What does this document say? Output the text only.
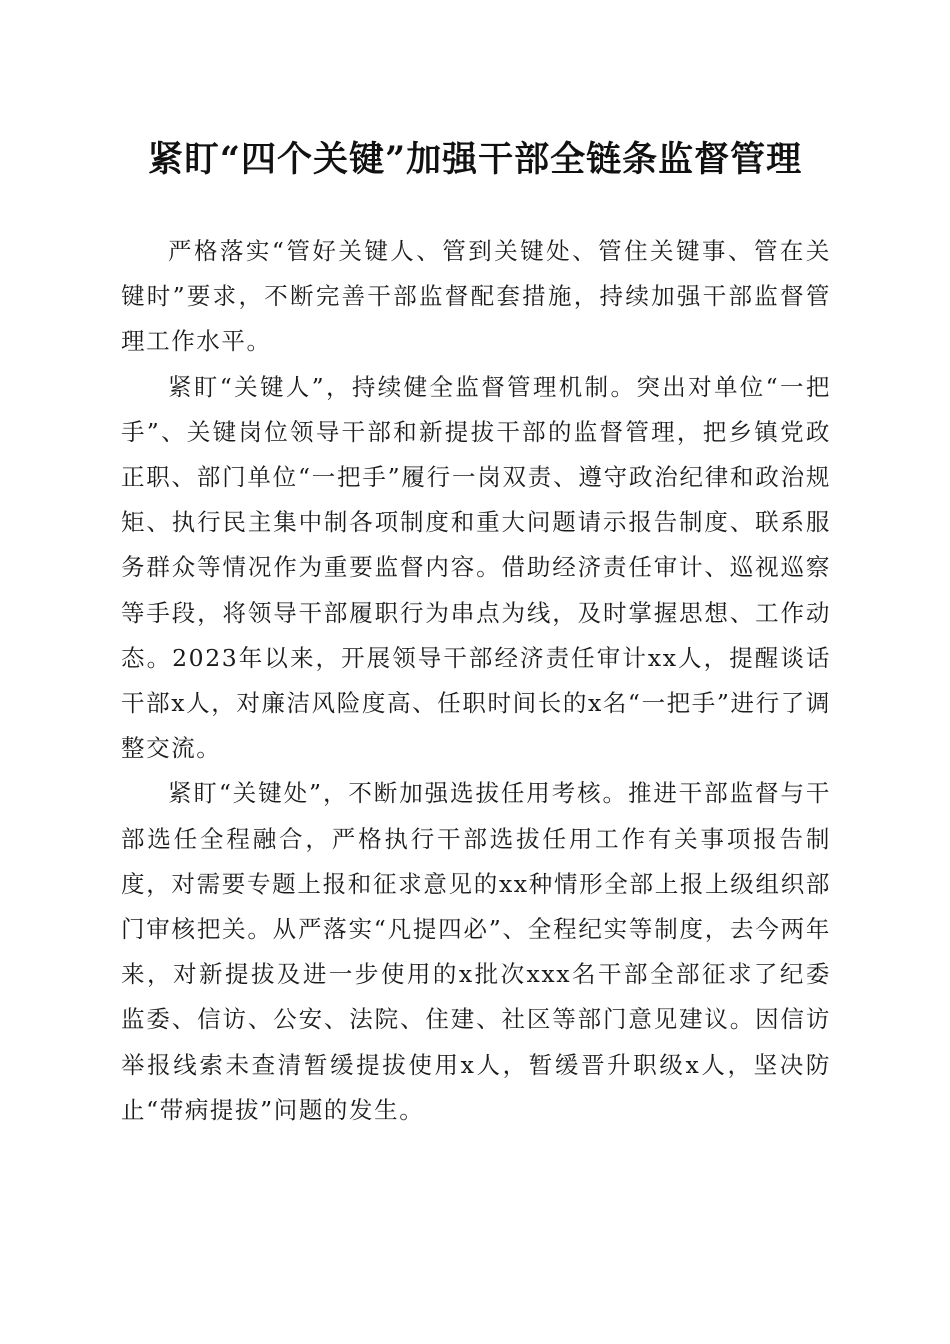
紧盯“四个关键”加强干部全链条监督管理

严格落实“管好关键人、管到关键处、管住关键事、管在关键时”要求，不断完善干部监督配套措施，持续加强干部监督管理工作水平。

紧盯“关键人”，持续健全监督管理机制。突出对单位“一把手”、关键岗位领导干部和新提拔干部的监督管理，把乡镇党政正职、部门单位“一把手”履行一岗双责、遵守政治纪律和政治规矩、执行民主集中制各项制度和重大问题请示报告制度、联系服务群众等情况作为重要监督内容。借助经济责任审计、巡视巡察等手段，将领导干部履职行为串点为线，及时掌握思想、工作动态。2023年以来，开展领导干部经济责任审计xx人，提醒谈话干部x人，对廉洁风险度高、任职时间长的x名“一把手”进行了调整交流。

紧盯“关键处”，不断加强选拔任用考核。推进干部监督与干部选任全程融合，严格执行干部选拔任用工作有关事项报告制度，对需要专题上报和征求意见的xx种情形全部上报上级组织部门审核把关。从严落实“凡提四必”、全程纪实等制度，去今两年来，对新提拔及进一步使用的x批次xxx名干部全部征求了纪委监委、信访、公安、法院、住建、社区等部门意见建议。因信访举报线索未查清暂缓提拔使用x人，暂缓晋升职级x人，坚决防止“带病提拔”问题的发生。
